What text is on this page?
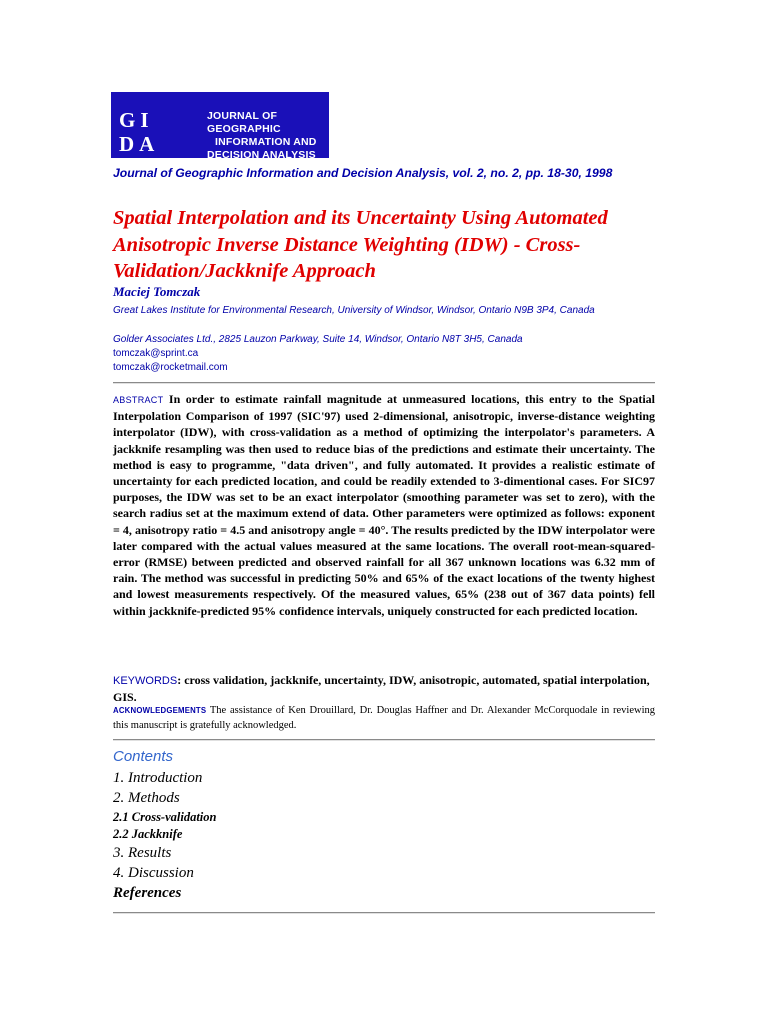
GI
DA
JOURNAL OF GEOGRAPHIC
INFORMATION AND
DECISION ANALYSIS
Journal of Geographic Information and Decision Analysis, vol. 2, no. 2, pp. 18-30, 1998
Spatial Interpolation and its Uncertainty Using Automated Anisotropic Inverse Distance Weighting (IDW) - Cross-Validation/Jackknife Approach
Maciej Tomczak
Great Lakes Institute for Environmental Research, University of Windsor, Windsor, Ontario N9B 3P4, Canada
Golder Associates Ltd., 2825 Lauzon Parkway, Suite 14, Windsor, Ontario N8T 3H5, Canada
tomczak@sprint.ca
tomczak@rocketmail.com

ABSTRACT In order to estimate rainfall magnitude at unmeasured locations, this entry to the Spatial Interpolation Comparison of 1997 (SIC'97) used 2-dimensional, anisotropic, inverse-distance weighting interpolator (IDW), with cross-validation as a method of optimizing the interpolator's parameters. A jackknife resampling was then used to reduce bias of the predictions and estimate their uncertainty. The method is easy to programme, "data driven", and fully automated. It provides a realistic estimate of uncertainty for each predicted location, and could be readily extended to 3-dimentional cases. For SIC97 purposes, the IDW was set to be an exact interpolator (smoothing parameter was set to zero), with the search radius set at the maximum extend of data. Other parameters were optimized as follows: exponent = 4, anisotropy ratio = 4.5 and anisotropy angle = 40°. The results predicted by the IDW interpolator were later compared with the actual values measured at the same locations. The overall root-mean-squared-error (RMSE) between predicted and observed rainfall for all 367 unknown locations was 6.32 mm of rain. The method was successful in predicting 50% and 65% of the exact locations of the twenty highest and lowest measurements respectively. Of the measured values, 65% (238 out of 367 data points) fell within jackknife-predicted 95% confidence intervals, uniquely constructed for each predicted location.

KEYWORDS: cross validation, jackknife, uncertainty, IDW, anisotropic, automated, spatial interpolation, GIS.

ACKNOWLEDGEMENTS The assistance of Ken Drouillard, Dr. Douglas Haffner and Dr. Alexander McCorquodale in reviewing this manuscript is gratefully acknowledged.

Contents
1. Introduction
2. Methods
2.1 Cross-validation
2.2 Jackknife
3. Results
4. Discussion
References
